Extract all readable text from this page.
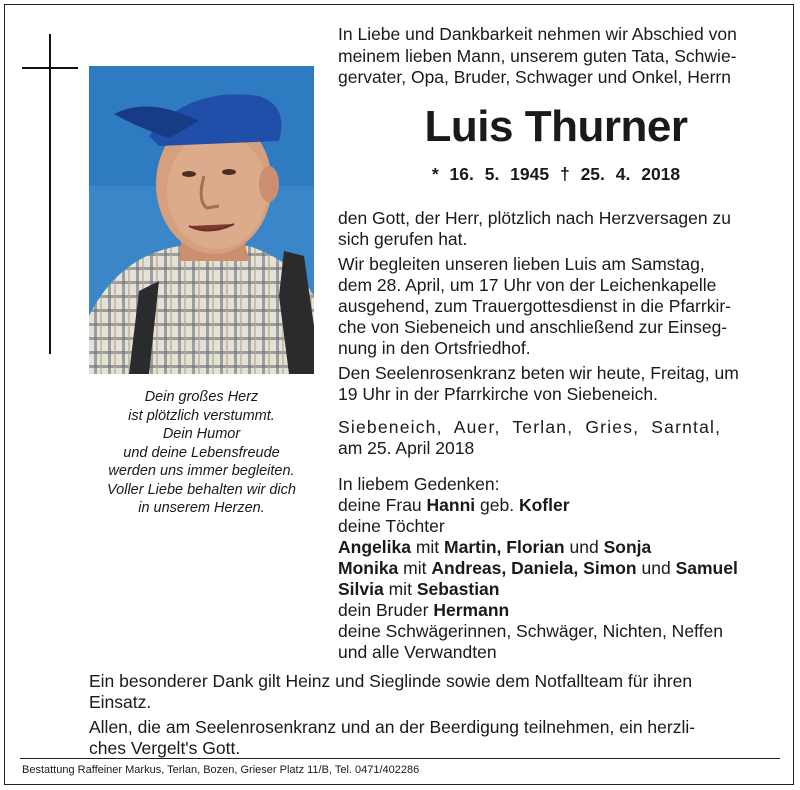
Dein großes Herz
ist plötzlich verstummt.
Dein Humor
und deine Lebensfreude
werden uns immer begleiten.
Voller Liebe behalten wir dich
in unserem Herzen.
In Liebe und Dankbarkeit nehmen wir Abschied von
meinem lieben Mann, unserem guten Tata, Schwie-
gervater, Opa, Bruder, Schwager und Onkel, Herrn
Luis Thurner
* 16. 5. 1945 † 25. 4. 2018
den Gott, der Herr, plötzlich nach Herzversagen zu
sich gerufen hat.
Wir begleiten unseren lieben Luis am Samstag,
dem 28. April, um 17 Uhr von der Leichenkapelle
ausgehend, zum Trauergottesdienst in die Pfarrkir-
che von Siebeneich und anschließend zur Einseg-
nung in den Ortsfriedhof.
Den Seelenrosenkranz beten wir heute, Freitag, um
19 Uhr in der Pfarrkirche von Siebeneich.
Siebeneich, Auer, Terlan, Gries, Sarntal,
am 25. April 2018
In liebem Gedenken:
deine Frau Hanni geb. Kofler
deine Töchter
Angelika mit Martin, Florian und Sonja
Monika mit Andreas, Daniela, Simon und Samuel
Silvia mit Sebastian
dein Bruder Hermann
deine Schwägerinnen, Schwäger, Nichten, Neffen
und alle Verwandten
Ein besonderer Dank gilt Heinz und Sieglinde sowie dem Notfallteam für ihren
Einsatz.
Allen, die am Seelenrosenkranz und an der Beerdigung teilnehmen, ein herzli-
ches Vergelt's Gott.
Bestattung Raffeiner Markus, Terlan, Bozen, Grieser Platz 11/B, Tel. 0471/402286
